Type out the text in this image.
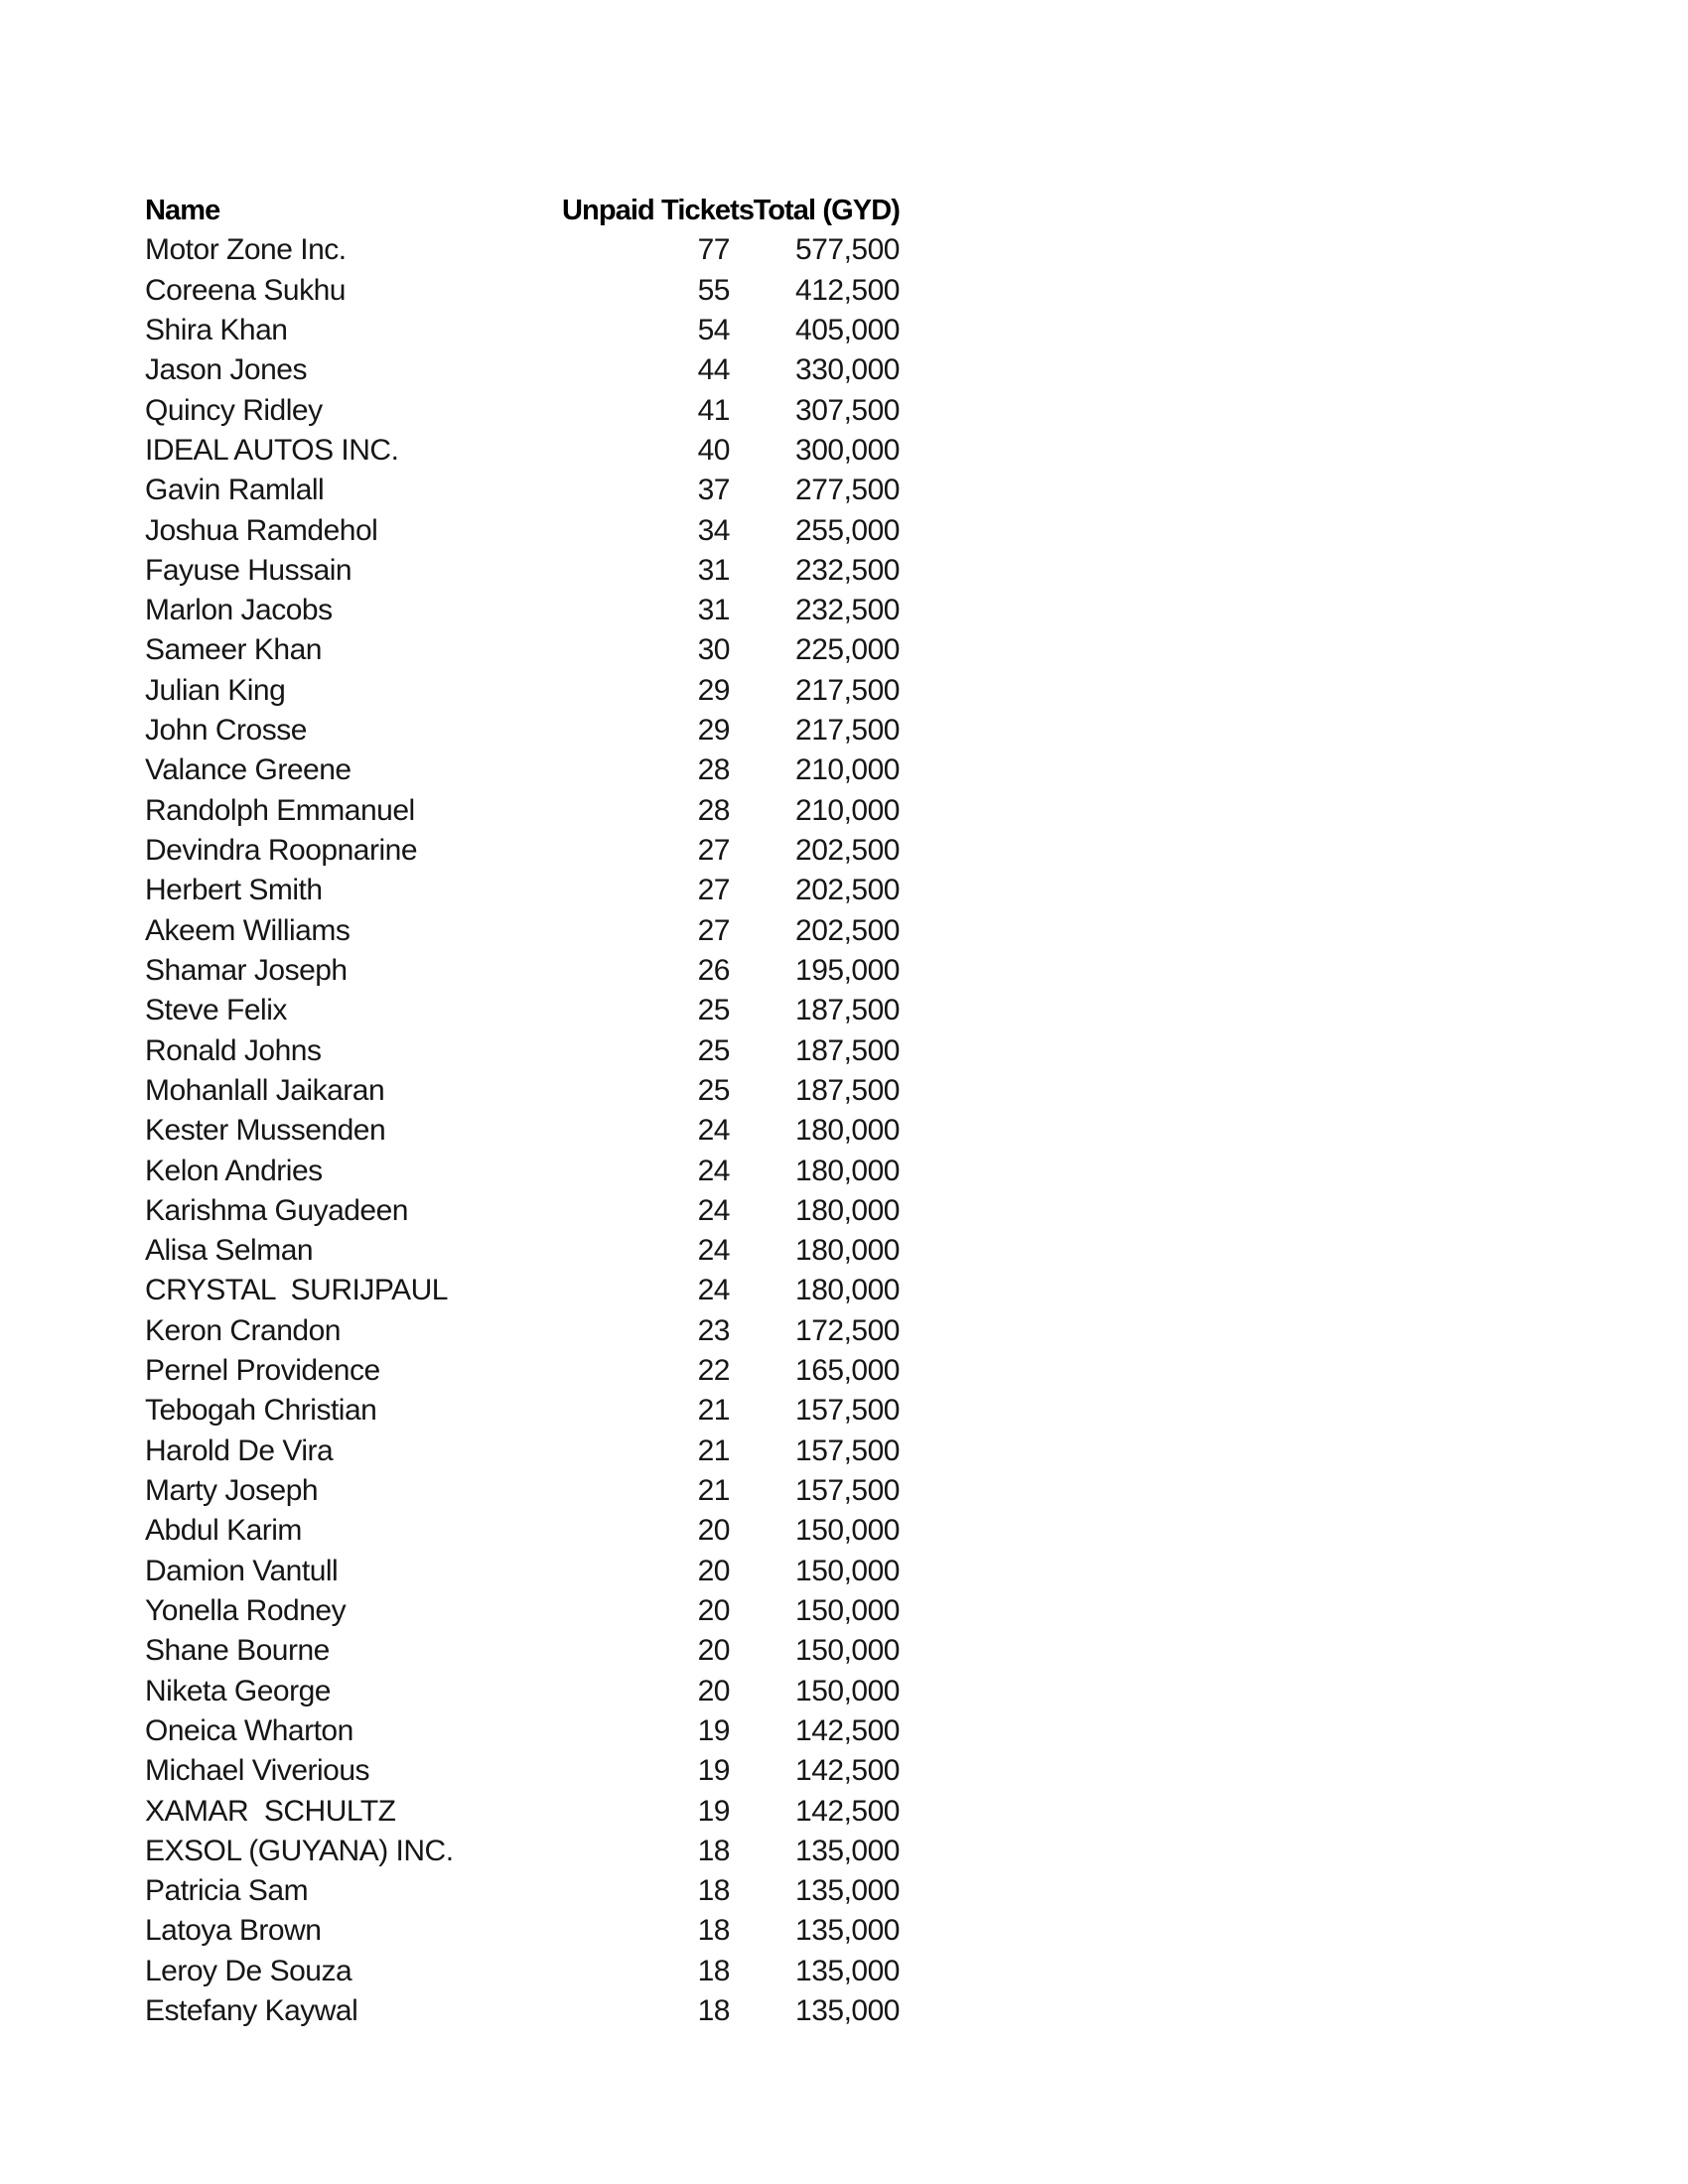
Name	Unpaid Tickets Total (GYD)
Motor Zone Inc.	77	577,500
Coreena Sukhu	55	412,500
Shira Khan	54	405,000
Jason Jones	44	330,000
Quincy Ridley	41	307,500
IDEAL AUTOS INC.	40	300,000
Gavin Ramlall	37	277,500
Joshua Ramdehol	34	255,000
Fayuse Hussain	31	232,500
Marlon Jacobs	31	232,500
Sameer Khan	30	225,000
Julian King	29	217,500
John Crosse	29	217,500
Valance Greene	28	210,000
Randolph Emmanuel	28	210,000
Devindra Roopnarine	27	202,500
Herbert Smith	27	202,500
Akeem Williams	27	202,500
Shamar Joseph	26	195,000
Steve Felix	25	187,500
Ronald Johns	25	187,500
Mohanlall Jaikaran	25	187,500
Kester Mussenden	24	180,000
Kelon Andries	24	180,000
Karishma Guyadeen	24	180,000
Alisa Selman	24	180,000
CRYSTAL  SURIJPAUL	24	180,000
Keron Crandon	23	172,500
Pernel Providence	22	165,000
Tebogah Christian	21	157,500
Harold De Vira	21	157,500
Marty Joseph	21	157,500
Abdul Karim	20	150,000
Damion Vantull	20	150,000
Yonella Rodney	20	150,000
Shane Bourne	20	150,000
Niketa George	20	150,000
Oneica Wharton	19	142,500
Michael Viverious	19	142,500
XAMAR  SCHULTZ	19	142,500
EXSOL (GUYANA) INC.	18	135,000
Patricia Sam	18	135,000
Latoya Brown	18	135,000
Leroy De Souza	18	135,000
Estefany Kaywal	18	135,000
